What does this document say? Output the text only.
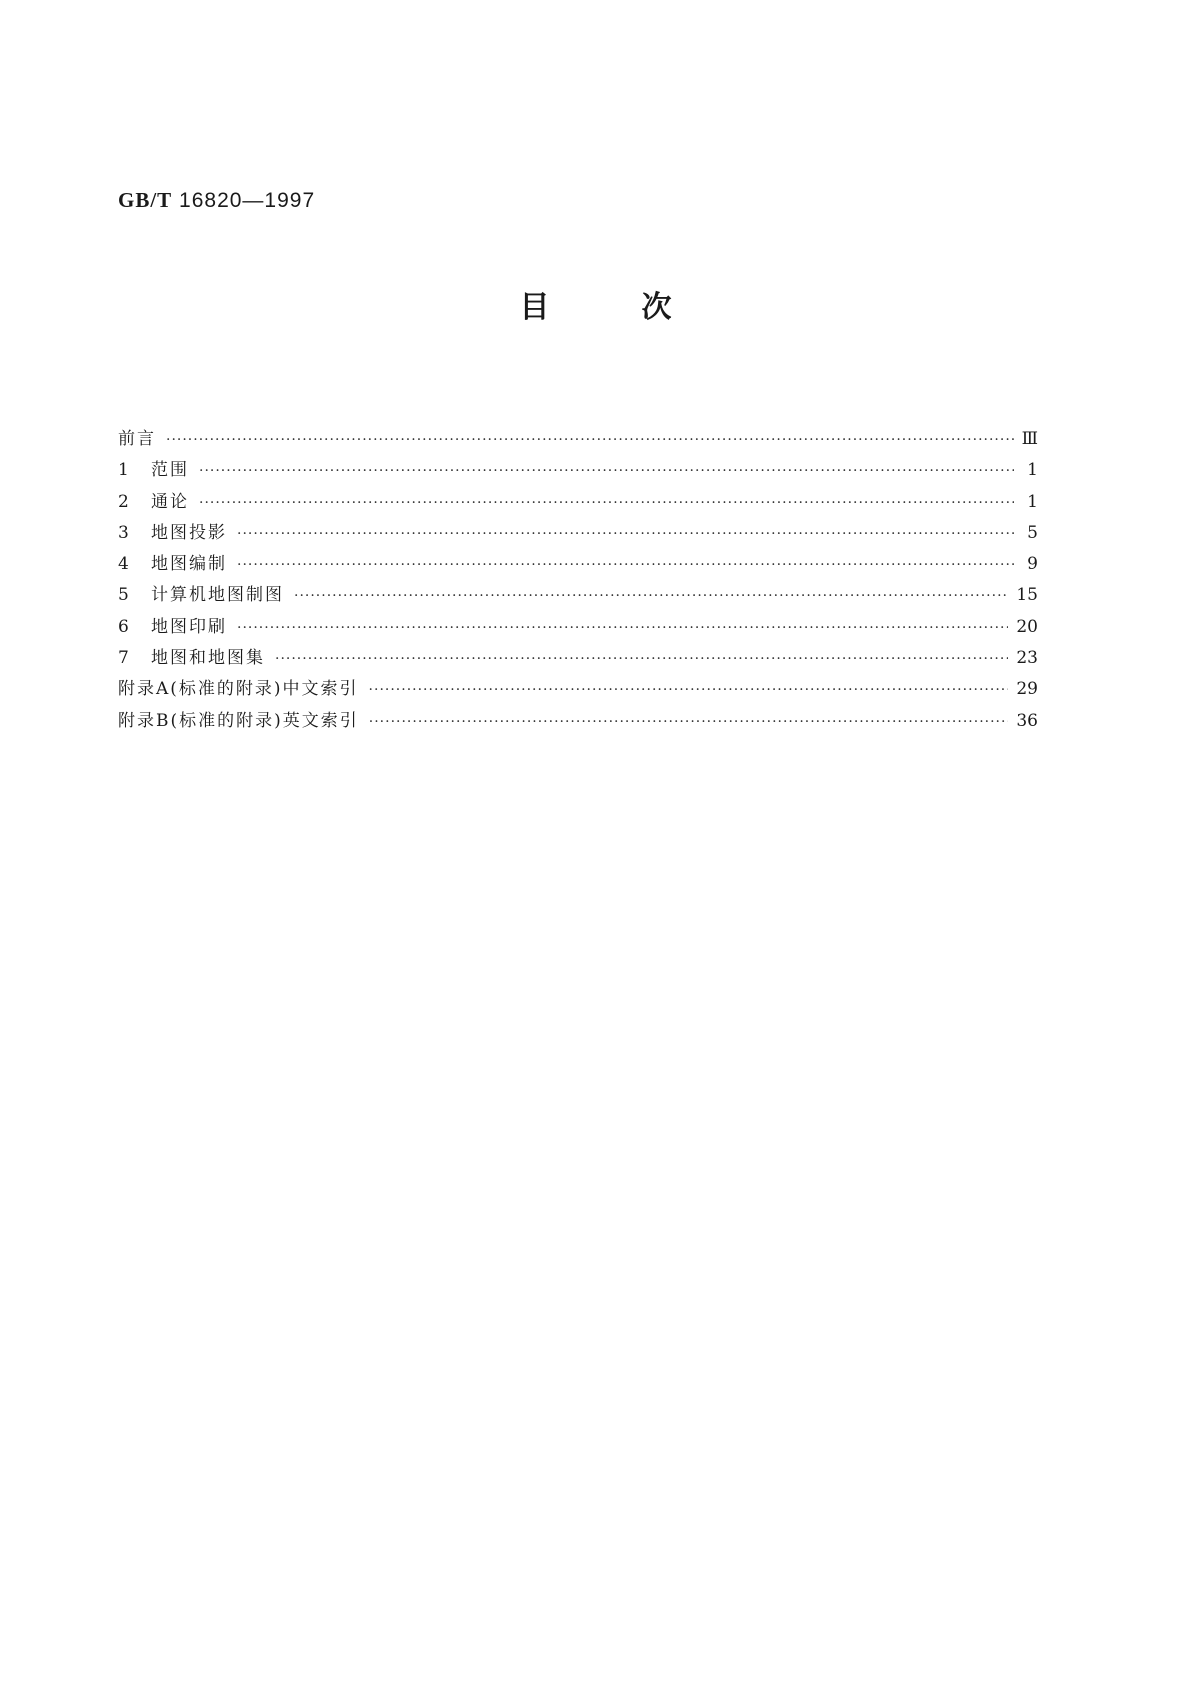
GB/T 16820—1997
目次
前言 ·····	Ⅲ
1	范围 ·····	1
2	通论 ·····	1
3	地图投影 ·····	5
4	地图编制 ·····	9
5	计算机地图制图 ·····	15
6	地图印刷 ·····	20
7	地图和地图集 ·····	23
附录A(标准的附录)中文索引 ·····	29
附录B(标准的附录)英文索引 ·····	36
